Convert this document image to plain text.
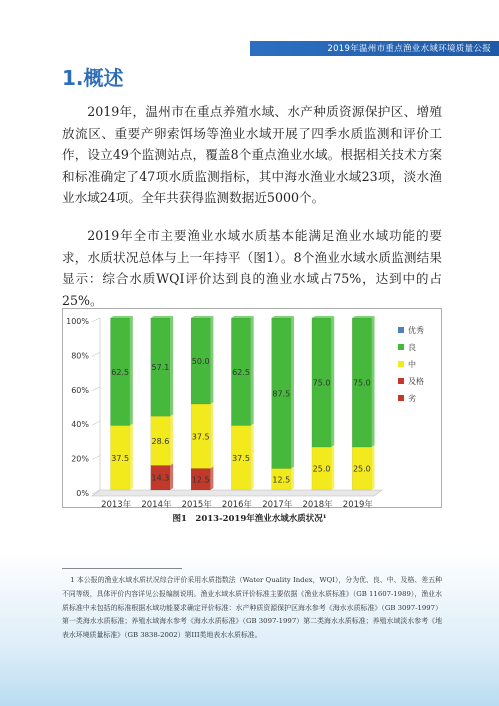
2019年温州市重点渔业水域环境质量公报
1.概述

2019年，温州市在重点养殖水域、水产种质资源保护区、增殖放流区、重要产卵索饵场等渔业水域开展了四季水质监测和评价工作，设立49个监测站点，覆盖8个重点渔业水域。根据相关技术方案和标准确定了47项水质监测指标，其中海水渔业水域23项，淡水渔业水域24项。全年共获得监测数据近5000个。

2019年全市主要渔业水域水质基本能满足渔业水域功能的要求，水质状况总体与上一年持平（图1）。8个渔业水域水质监测结果显示：综合水质WQI评价达到良的渔业水域占75%，达到中的占25%。

0%
20%
40%
60%
80%
100%
37.5
62.5
2013年
14.3
28.6
57.1
2014年
12.5
37.5
50.0
2015年
37.5
62.5
2016年
12.5
87.5
2017年
25.0
75.0
2018年
25.0
75.0
2019年
优秀
良
中
及格
劣
图1　2013-2019年渔业水域水质状况¹

1 本公报的渔业水域水质状况综合评价采用水质指数法（Water Quality Index，WQI），分为优、良、中、及格、差五种不同等级，具体评价内容详见公报编制说明。渔业水域水质评价标准主要依据《渔业水质标准》（GB 11607-1989），渔业水质标准中未包括的标准根据水域功能要求确定评价标准：水产种质资源保护区海水参考《海水水质标准》（GB 3097-1997）第一类海水水质标准；养殖水域海水参考《海水水质标准》（GB 3097-1997）第二类海水水质标准；养殖水域淡水参考《地表水环境质量标准》（GB 3838-2002）第III类地表水水质标准。
